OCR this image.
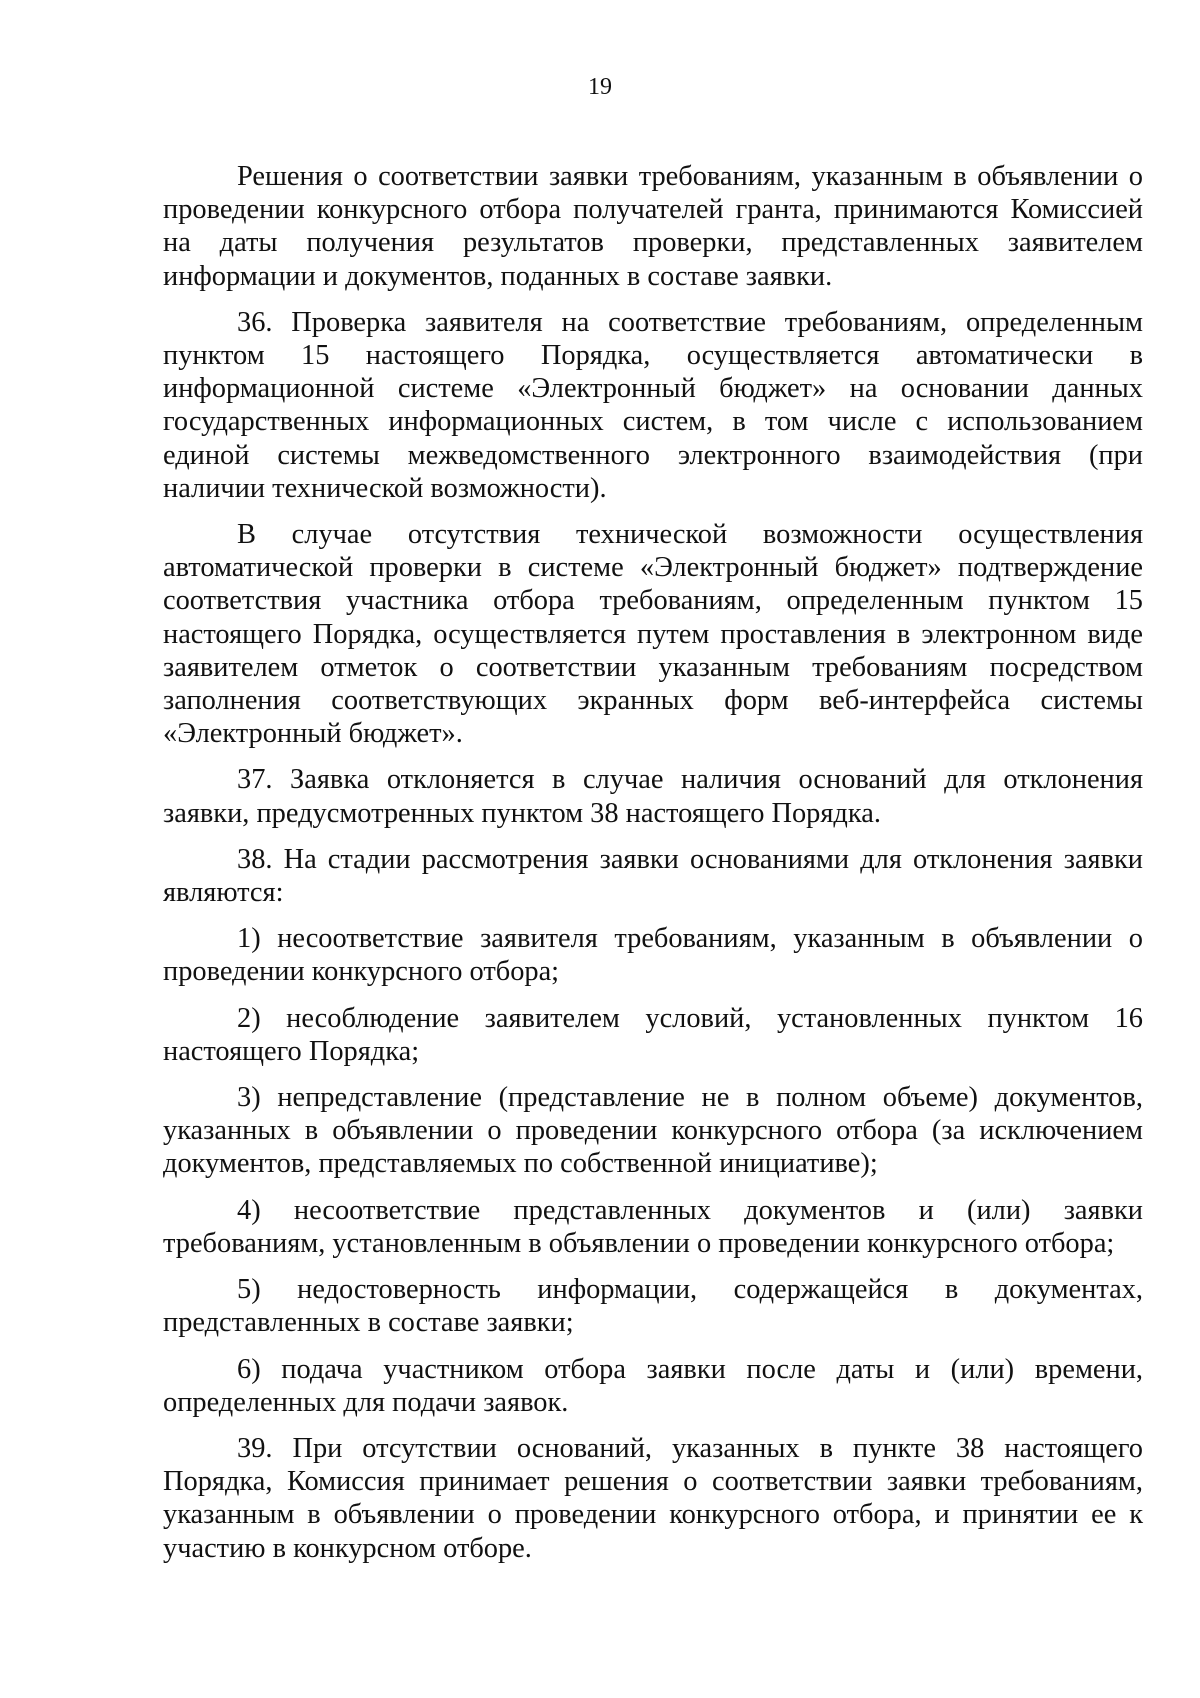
19

Решения о соответствии заявки требованиям, указанным в объявлении о проведении конкурсного отбора получателей гранта, принимаются Комиссией на даты получения результатов проверки, представленных заявителем информации и документов, поданных в составе заявки.

36. Проверка заявителя на соответствие требованиям, определенным пунктом 15 настоящего Порядка, осуществляется автоматически в информационной системе «Электронный бюджет» на основании данных государственных информационных систем, в том числе с использованием единой системы межведомственного электронного взаимодействия (при наличии технической возможности).

В случае отсутствия технической возможности осуществления автоматической проверки в системе «Электронный бюджет» подтверждение соответствия участника отбора требованиям, определенным пунктом 15 настоящего Порядка, осуществляется путем проставления в электронном виде заявителем отметок о соответствии указанным требованиям посредством заполнения соответствующих экранных форм веб-интерфейса системы «Электронный бюджет».

37. Заявка отклоняется в случае наличия оснований для отклонения заявки, предусмотренных пунктом 38 настоящего Порядка.

38. На стадии рассмотрения заявки основаниями для отклонения заявки являются:

1) несоответствие заявителя требованиям, указанным в объявлении о проведении конкурсного отбора;

2) несоблюдение заявителем условий, установленных пунктом 16 настоящего Порядка;

3) непредставление (представление не в полном объеме) документов, указанных в объявлении о проведении конкурсного отбора (за исключением документов, представляемых по собственной инициативе);

4) несоответствие представленных документов и (или) заявки требованиям, установленным в объявлении о проведении конкурсного отбора;

5) недостоверность информации, содержащейся в документах, представленных в составе заявки;

6) подача участником отбора заявки после даты и (или) времени, определенных для подачи заявок.

39. При отсутствии оснований, указанных в пункте 38 настоящего Порядка, Комиссия принимает решения о соответствии заявки требованиям, указанным в объявлении о проведении конкурсного отбора, и принятии ее к участию в конкурсном отборе.
